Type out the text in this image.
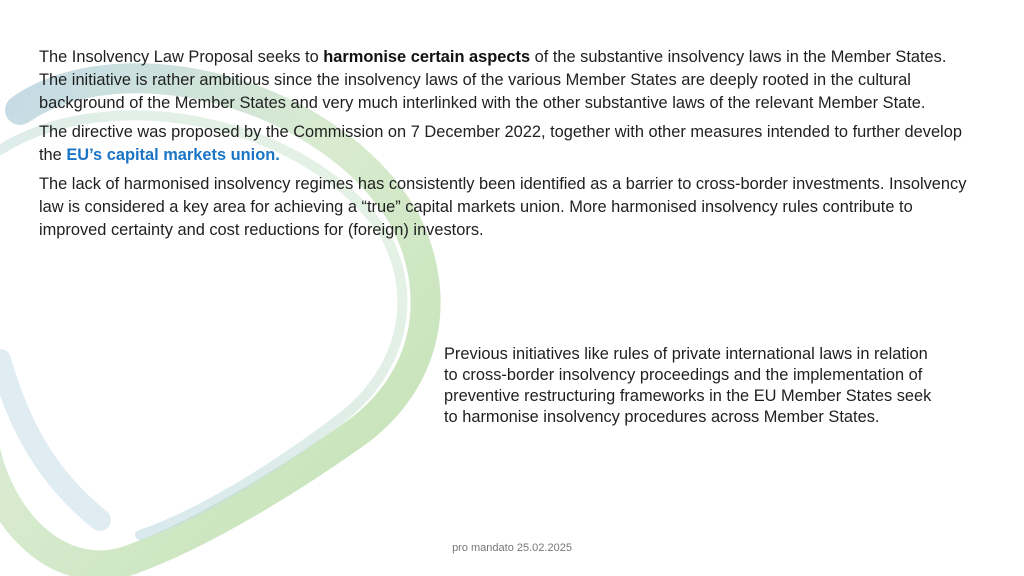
The Insolvency Law Proposal seeks to harmonise certain aspects of the substantive insolvency laws in the Member States. The initiative is rather ambitious since the insolvency laws of the various Member States are deeply rooted in the cultural background of the Member States and very much interlinked with the other substantive laws of the relevant Member State.

The directive was proposed by the Commission on 7 December 2022, together with other measures intended to further develop the EU’s capital markets union.

The lack of harmonised insolvency regimes has consistently been identified as a barrier to cross-border investments. Insolvency law is considered a key area for achieving a “true” capital markets union. More harmonised insolvency rules contribute to improved certainty and cost reductions for (foreign) investors.

Previous initiatives like rules of private international laws in relation to cross-border insolvency proceedings and the implementation of preventive restructuring frameworks in the EU Member States seek to harmonise insolvency procedures across Member States.

pro mandato 25.02.2025
